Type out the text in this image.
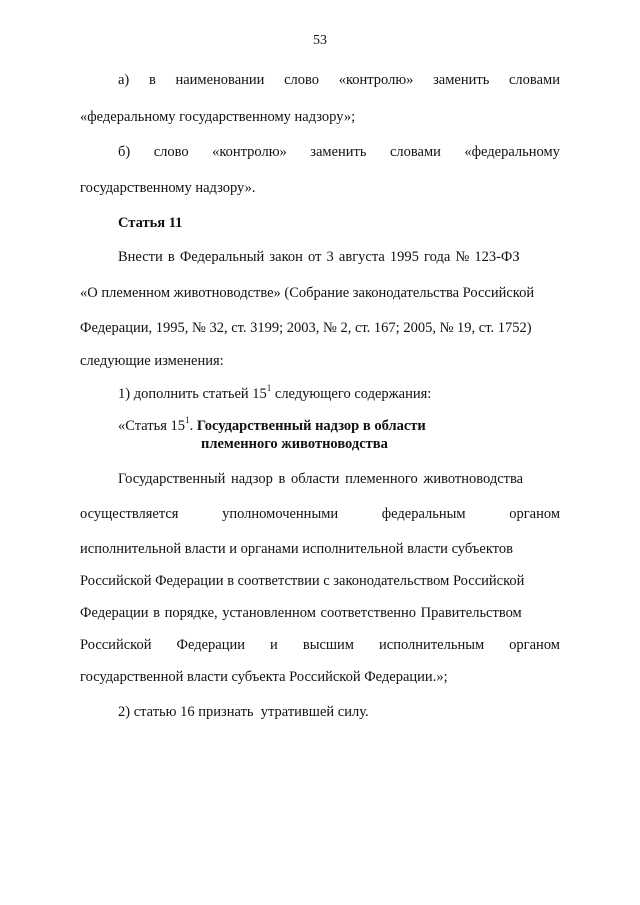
53
а) в наименовании слово «контролю» заменить словами
«федеральному государственному надзору»;
б) слово «контролю» заменить словами «федеральному
государственному надзору».
Статья 11
Внести в Федеральный закон от 3 августа 1995 года № 123-ФЗ
«О племенном животноводстве» (Собрание законодательства Российской
Федерации, 1995, № 32, ст. 3199; 2003, № 2, ст. 167; 2005, № 19, ст. 1752)
следующие изменения:
1) дополнить статьей $15^1$ следующего содержания:
«Статья $15^1$. Государственный надзор в области
племенного животноводства
Государственный надзор в области племенного животноводства
осуществляется	уполномоченными	федеральным	органом
исполнительной власти и органами исполнительной власти субъектов
Российской Федерации в соответствии с законодательством Российской
Федерации в порядке, установленном соответственно Правительством
Российской Федерации и высшим исполнительным органом
государственной власти субъекта Российской Федерации.»;
2) статью 16 признать  утратившей силу.
